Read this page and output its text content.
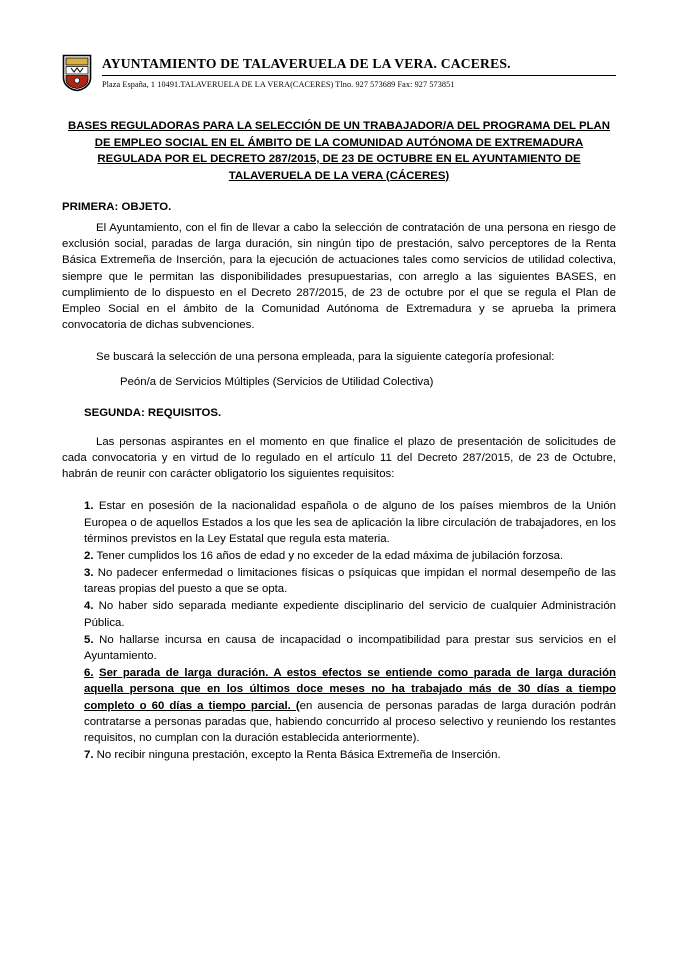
AYUNTAMIENTO DE TALAVERUELA DE LA VERA. CACERES.

Plaza España, 1 10491.TALAVERUELA DE LA VERA(CACERES) Tlno. 927 573689 Fax: 927 573851

BASES REGULADORAS PARA LA SELECCIÓN DE UN TRABAJADOR/A DEL PROGRAMA DEL PLAN DE EMPLEO SOCIAL EN EL ÁMBITO DE LA COMUNIDAD AUTÓNOMA DE EXTREMADURA REGULADA POR EL DECRETO 287/2015, DE 23 DE OCTUBRE EN EL AYUNTAMIENTO DE TALAVERUELA DE LA VERA (CÁCERES)
PRIMERA: OBJETO.

El Ayuntamiento, con el fin de llevar a cabo la selección de contratación de una persona en riesgo de exclusión social, paradas de larga duración, sin ningún tipo de prestación, salvo perceptores de la Renta Básica Extremeña de Inserción, para la ejecución de actuaciones tales como servicios de utilidad colectiva, siempre que le permitan las disponibilidades presupuestarias, con arreglo a las siguientes BASES, en cumplimiento de lo dispuesto en el Decreto 287/2015, de 23 de octubre por el que se regula el Plan de Empleo Social en el ámbito de la Comunidad Autónoma de Extremadura y se aprueba la primera convocatoria de dichas subvenciones.

Se buscará la selección de una persona empleada, para la siguiente categoría profesional:

Peón/a de Servicios Múltiples (Servicios de Utilidad Colectiva)

SEGUNDA: REQUISITOS.

Las personas aspirantes en el momento en que finalice el plazo de presentación de solicitudes de cada convocatoria y en virtud de lo regulado en el artículo 11 del Decreto 287/2015, de 23 de Octubre, habrán de reunir con carácter obligatorio los siguientes requisitos:

1. Estar en posesión de la nacionalidad española o de alguno de los países miembros de la Unión Europea o de aquellos Estados a los que les sea de aplicación la libre circulación de trabajadores, en los términos previstos en la Ley Estatal que regula esta materia.

2. Tener cumplidos los 16 años de edad y no exceder de la edad máxima de jubilación forzosa.

3. No padecer enfermedad o limitaciones físicas o psíquicas que impidan el normal desempeño de las tareas propias del puesto a que se opta.

4. No haber sido separada mediante expediente disciplinario del servicio de cualquier Administración Pública.

5. No hallarse incursa en causa de incapacidad o incompatibilidad para prestar sus servicios en el Ayuntamiento.

6. Ser parada de larga duración. A estos efectos se entiende como parada de larga duración aquella persona que en los últimos doce meses no ha trabajado más de 30 días a tiempo completo o 60 días a tiempo parcial. (en ausencia de personas paradas de larga duración podrán contratarse a personas paradas que, habiendo concurrido al proceso selectivo y reuniendo los restantes requisitos, no cumplan con la duración establecida anteriormente).

7. No recibir ninguna prestación, excepto la Renta Básica Extremeña de Inserción.
